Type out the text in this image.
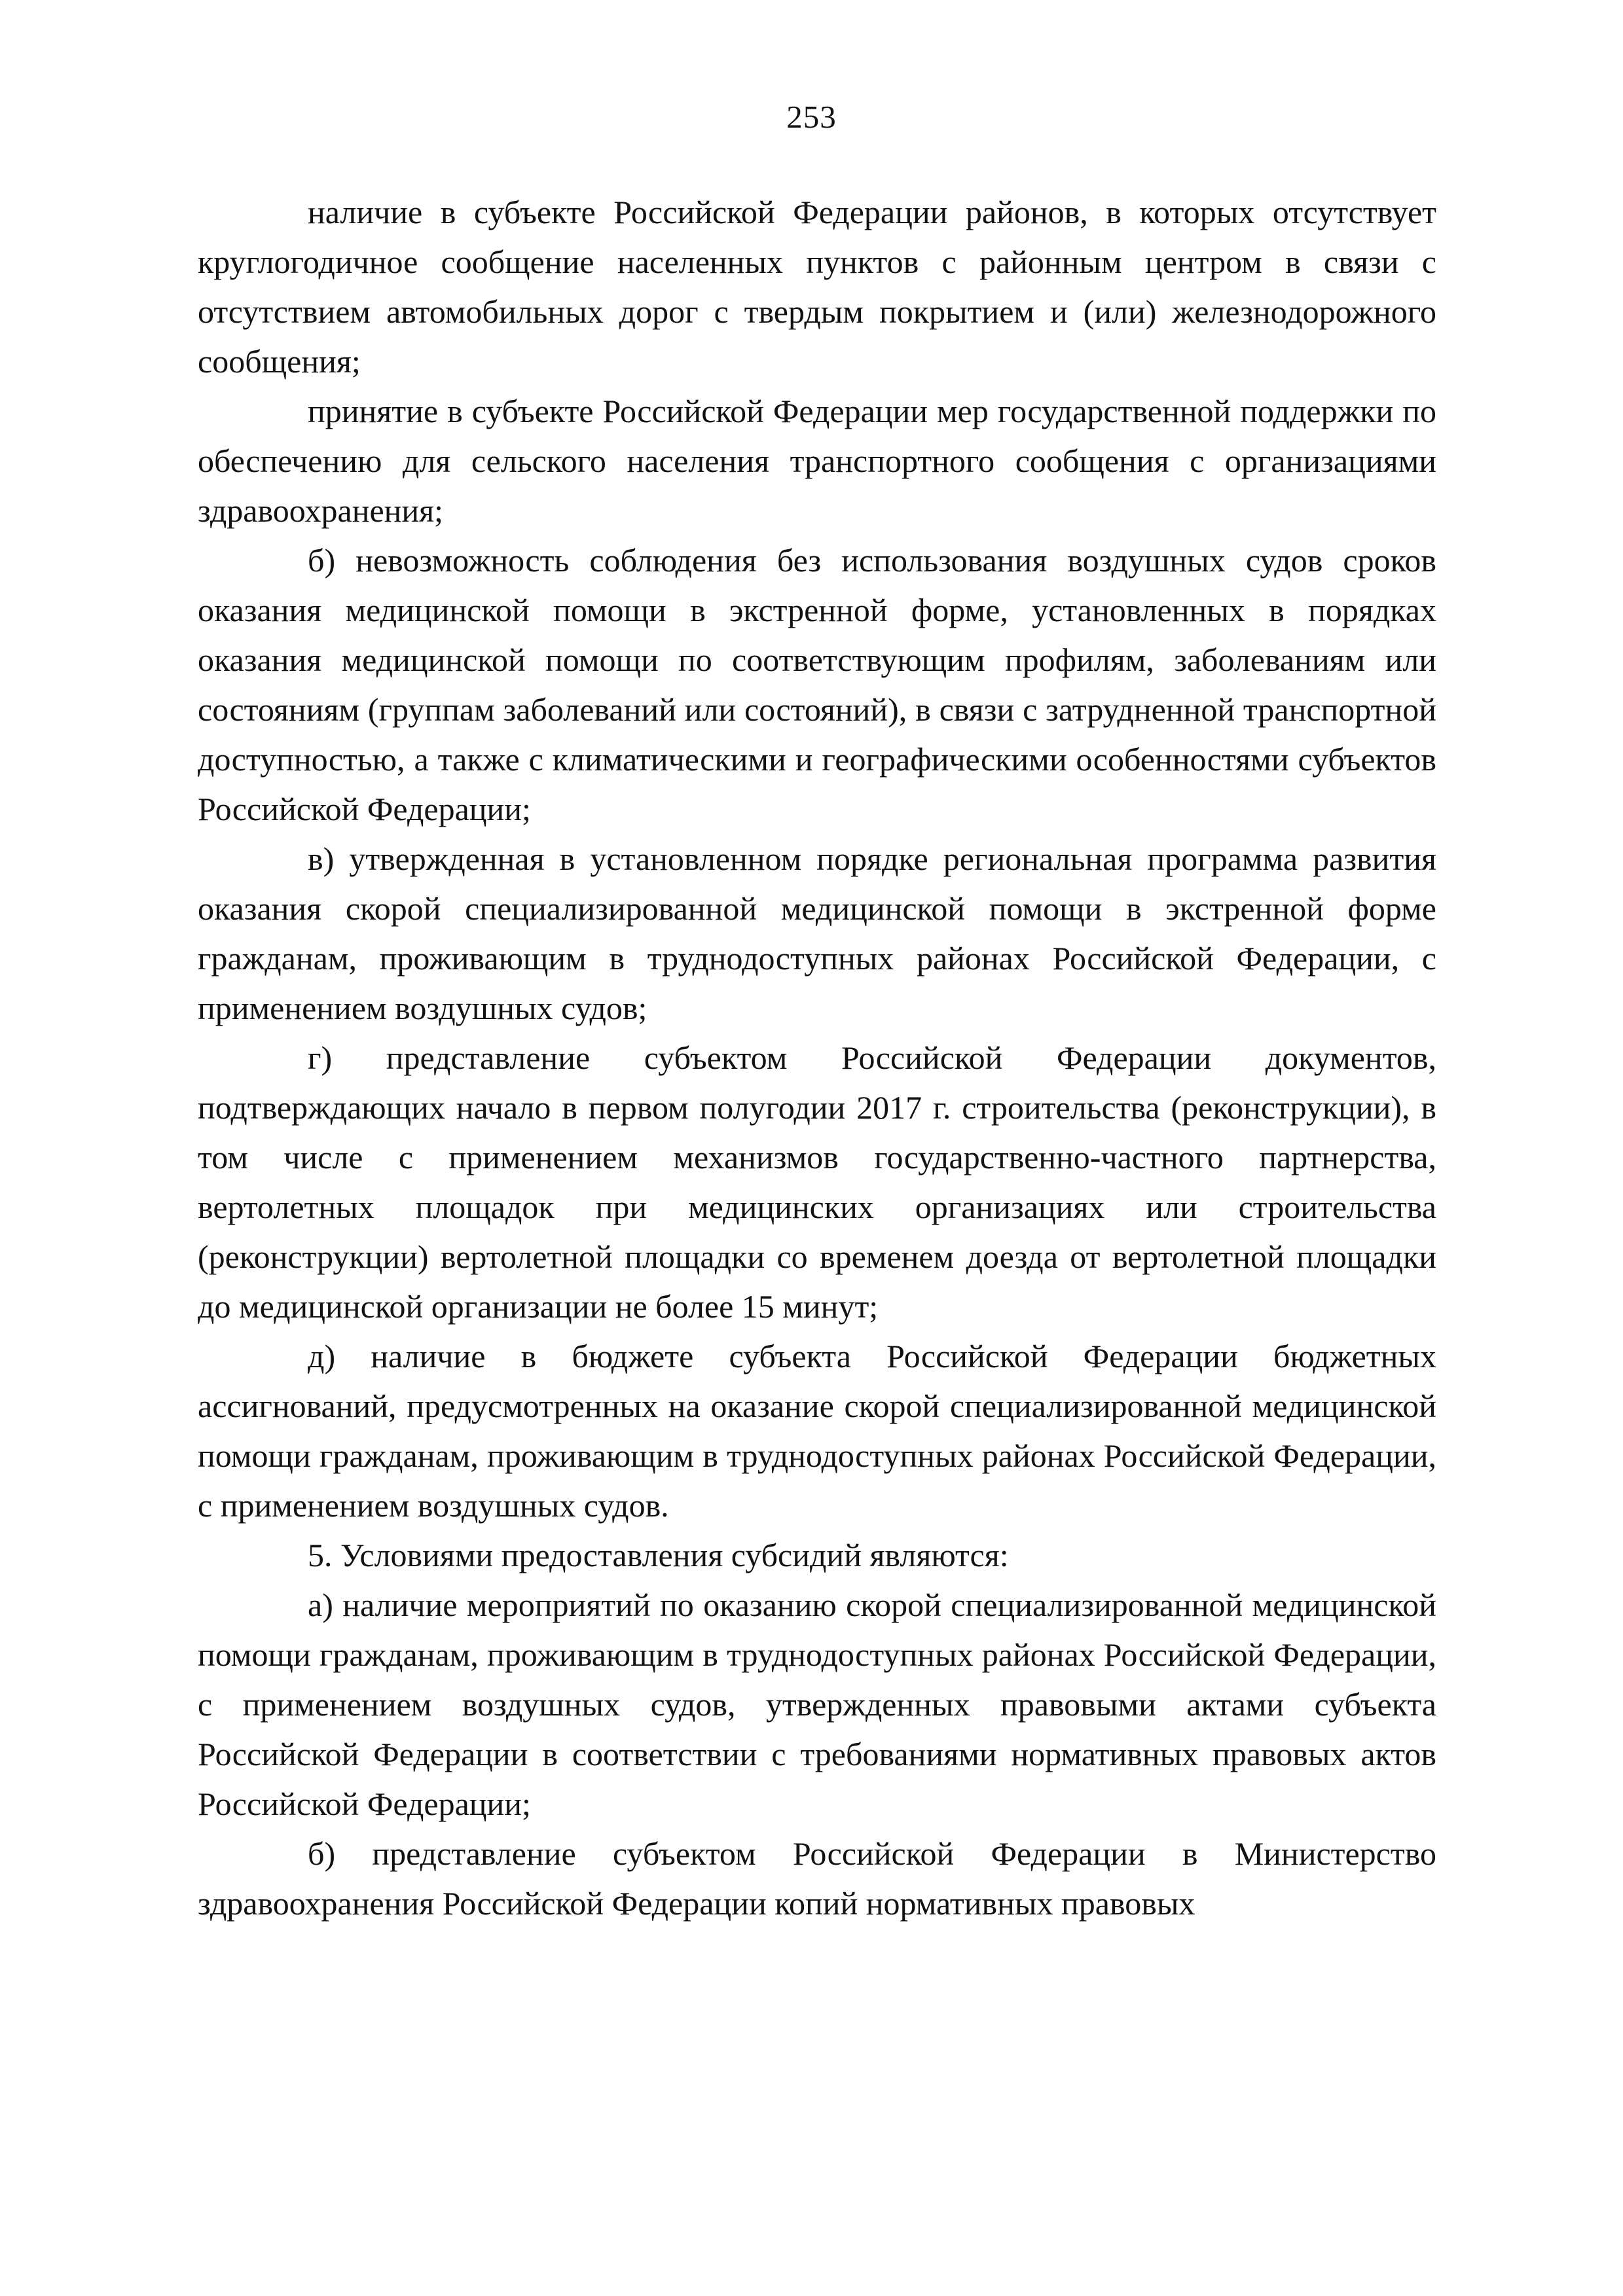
253

наличие в субъекте Российской Федерации районов, в которых отсутствует круглогодичное сообщение населенных пунктов с районным центром в связи с отсутствием автомобильных дорог с твердым покрытием и (или) железнодорожного сообщения;

принятие в субъекте Российской Федерации мер государственной поддержки по обеспечению для сельского населения транспортного сообщения с организациями здравоохранения;

б) невозможность соблюдения без использования воздушных судов сроков оказания медицинской помощи в экстренной форме, установленных в порядках оказания медицинской помощи по соответствующим профилям, заболеваниям или состояниям (группам заболеваний или состояний), в связи с затрудненной транспортной доступностью, а также с климатическими и географическими особенностями субъектов Российской Федерации;

в) утвержденная в установленном порядке региональная программа развития оказания скорой специализированной медицинской помощи в экстренной форме гражданам, проживающим в труднодоступных районах Российской Федерации, с применением воздушных судов;

г) представление субъектом Российской Федерации документов, подтверждающих начало в первом полугодии 2017 г. строительства (реконструкции), в том числе с применением механизмов государственно-частного партнерства, вертолетных площадок при медицинских организациях или строительства (реконструкции) вертолетной площадки со временем доезда от вертолетной площадки до медицинской организации не более 15 минут;

д) наличие в бюджете субъекта Российской Федерации бюджетных ассигнований, предусмотренных на оказание скорой специализированной медицинской помощи гражданам, проживающим в труднодоступных районах Российской Федерации, с применением воздушных судов.

5. Условиями предоставления субсидий являются:

а) наличие мероприятий по оказанию скорой специализированной медицинской помощи гражданам, проживающим в труднодоступных районах Российской Федерации, с применением воздушных судов, утвержденных правовыми актами субъекта Российской Федерации в соответствии с требованиями нормативных правовых актов Российской Федерации;

б) представление субъектом Российской Федерации в Министерство здравоохранения Российской Федерации копий нормативных правовых
